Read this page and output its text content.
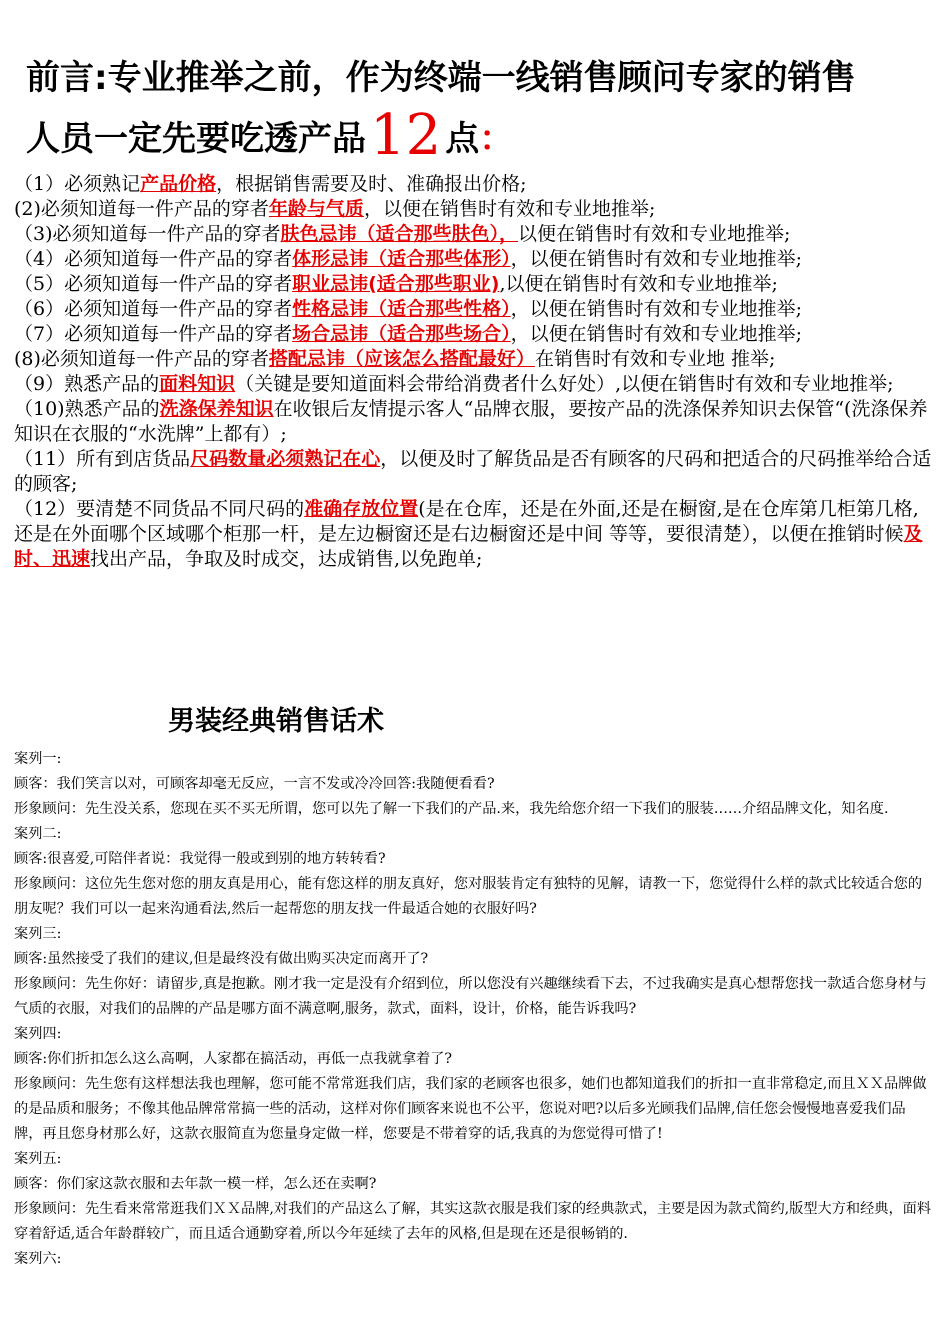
前言:专业推举之前，作为终端一线销售顾问专家的销售
人员一定先要吃透产品12 点：

（1）必须熟记产品价格，根据销售需要及时、准确报出价格;

(2)必须知道每一件产品的穿者年龄与气质，以便在销售时有效和专业地推举;

（3)必须知道每一件产品的穿者肤色忌讳（适合那些肤色），以便在销售时有效和专业地推举;

（4）必须知道每一件产品的穿者体形忌讳（适合那些体形），以便在销售时有效和专业地推举;

（5）必须知道每一件产品的穿者职业忌讳(适合那些职业),以便在销售时有效和专业地推举;

（6）必须知道每一件产品的穿者性格忌讳（适合那些性格），以便在销售时有效和专业地推举;

（7）必须知道每一件产品的穿者场合忌讳（适合那些场合），以便在销售时有效和专业地推举;

(8)必须知道每一件产品的穿者搭配忌讳（应该怎么搭配最好）在销售时有效和专业地 推举;

（9）熟悉产品的面料知识（关键是要知道面料会带给消费者什么好处）,以便在销售时有效和专业地推举;

（10)熟悉产品的洗涤保养知识在收银后友情提示客人“品牌衣服，要按产品的洗涤保养知识去保管“(洗涤保养知识在衣服的“水洗牌”上都有）;

（11）所有到店货品尺码数量必须熟记在心，以便及时了解货品是否有顾客的尺码和把适合的尺码推举给合适的顾客;

（12）要清楚不同货品不同尺码的准确存放位置(是在仓库，还是在外面,还是在橱窗,是在仓库第几柜第几格,还是在外面哪个区域哪个柜那一杆，是左边橱窗还是右边橱窗还是中间 等等，要很清楚），以便在推销时候及时、迅速找出产品，争取及时成交，达成销售,以免跑单;

男装经典销售话术

案列一:

顾客：我们笑言以对，可顾客却毫无反应，一言不发或冷冷回答:我随便看看?

形象顾问：先生没关系，您现在买不买无所谓，您可以先了解一下我们的产品.来，我先给您介绍一下我们的服装……介绍品牌文化，知名度.

案列二:

顾客:很喜爱,可陪伴者说：我觉得一般或到别的地方转转看?

形象顾问：这位先生您对您的朋友真是用心，能有您这样的朋友真好，您对服装肯定有独特的见解，请教一下，您觉得什么样的款式比较适合您的朋友呢？我们可以一起来沟通看法,然后一起帮您的朋友找一件最适合她的衣服好吗?

案列三:

顾客:虽然接受了我们的建议,但是最终没有做出购买决定而离开了?

形象顾问：先生你好：请留步,真是抱歉。刚才我一定是没有介绍到位，所以您没有兴趣继续看下去，不过我确实是真心想帮您找一款适合您身材与气质的衣服，对我们的品牌的产品是哪方面不满意啊,服务，款式，面料，设计，价格，能告诉我吗?

案列四:

顾客:你们折扣怎么这么高啊，人家都在搞活动，再低一点我就拿着了?

形象顾问：先生您有这样想法我也理解，您可能不常常逛我们店，我们家的老顾客也很多，她们也都知道我们的折扣一直非常稳定,而且ＸＸ品牌做的是品质和服务；不像其他品牌常常搞一些的活动，这样对你们顾客来说也不公平，您说对吧?以后多光顾我们品牌,信任您会慢慢地喜爱我们品牌，再且您身材那么好，这款衣服简直为您量身定做一样，您要是不带着穿的话,我真的为您觉得可惜了!

案列五:

顾客：你们家这款衣服和去年款一模一样，怎么还在卖啊?

形象顾问：先生看来常常逛我们ＸＸ品牌,对我们的产品这么了解，其实这款衣服是我们家的经典款式，主要是因为款式简约,版型大方和经典，面料穿着舒适,适合年龄群较广，而且适合通勤穿着,所以今年延续了去年的风格,但是现在还是很畅销的.

案列六:
